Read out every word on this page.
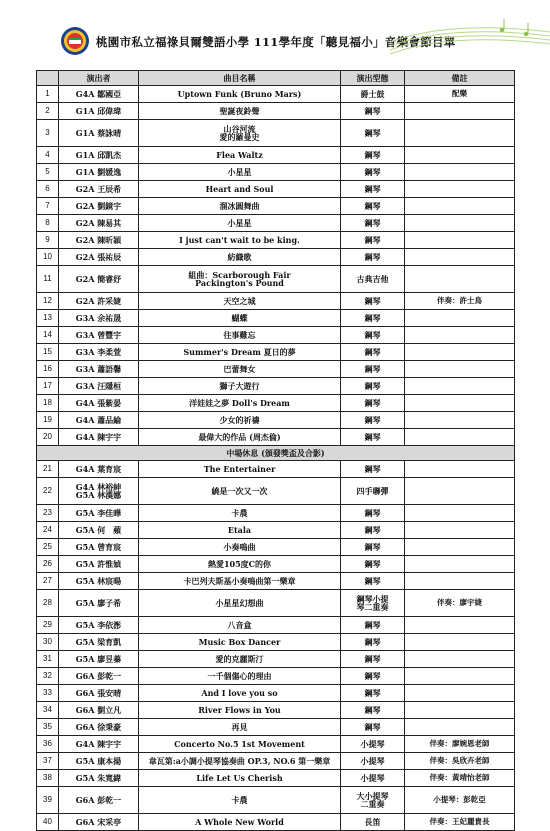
桃園市私立福祿貝爾雙語小學 111學年度「聽見福小」音樂會節目單
	演出者	曲目名稱	演出型態	備註
1	G4A 鄒國亞	Uptown Funk (Bruno Mars)	爵士鼓	配樂
2	G1A 邱偉瑋	聖誕夜鈴聲	鋼琴	

3	G1A 蔡詠晴	山谷河流
愛的羅曼史	鋼琴	

4	G1A 邱凱杰	Flea Waltz	鋼琴	

5	G1A 劉媛逸	小星星	鋼琴	

6	G2A 王辰希	Heart and Soul	鋼琴	

7	G2A 劉鏡宇	溜冰圓舞曲	鋼琴	

8	G2A 陳易其	小星星	鋼琴	

9	G2A 陳昕穎	I just can't wait to be king.	鋼琴	

10	G2A 張祐辰	紡織歌	鋼琴	

11	G2A 簡睿妤	組曲：Scarborough Fair
Packington's Pound	古典吉他	

12	G2A 許采婕	天空之城	鋼琴	伴奏：許士鳥
13	G3A 余祐晟	蝴蝶	鋼琴	

14	G3A 曾豐宇	往事難忘	鋼琴	

15	G3A 李柔萱	Summer's Dream 夏日的夢	鋼琴	

16	G3A 蕭語馨	巴蕾舞女	鋼琴	

17	G3A 汪隱桓	獅子大遊行	鋼琴	

18	G4A 張紫晏	洋娃娃之夢 Doll's Dream	鋼琴	

19	G4A 蕭品綸	少女的祈禱	鋼琴	

20	G4A 陳宇宇	最偉大的作品 (周杰倫)	鋼琴	

中場休息 (頒發獎盃及合影)				
21	G4A 葉育宸	The Entertainer	鋼琴	

22	G4A 林裕紳
G5A 林漢娜	繞是一次又一次	四手聯彈	

23	G5A 李佳曄	卡農	鋼琴	

24	G5A 何　蘋	Etala	鋼琴	

25	G5A 曾育宸	小奏鳴曲	鋼琴	

26	G5A 許惟媜	熱愛105度C的你	鋼琴	

27	G5A 林宸暘	卡巴列夫斯基小奏鳴曲第一樂章	鋼琴	

28	G5A 廖子希	小星星幻想曲	鋼琴小提
琴二重奏	伴奏：廖宇婕
29	G5A 李依浵	八音盒	鋼琴	

30	G5A 梁育凱	Music Box Dancer	鋼琴	

31	G5A 廖昱蓁	愛的克麗斯汀	鋼琴	

32	G6A 彭乾一	一千個傷心的理由	鋼琴	

33	G6A 張安晴	And I love you so	鋼琴	

34	G6A 劉立凡	River Flows in You	鋼琴	

35	G6A 徐秉豪	再見	鋼琴	

36	G4A 陳宇宇	Concerto No.5 1st Movement	小提琴	伴奏：廖婉恩老師
37	G5A 康本揚	韋瓦第:a小調小提琴協奏曲 OP.3, NO.6 第一樂章	小提琴	伴奏：吳欣卉老師
38	G5A 朱寬緯	Life Let Us Cherish	小提琴	伴奏：黃靖怡老師
39	G6A 彭乾一	卡農	大小提琴
二重奏	小提琴：彭乾亞
40	G6A 宋采亭	A Whole New World	長笛	伴奏：王妃麗貴長
